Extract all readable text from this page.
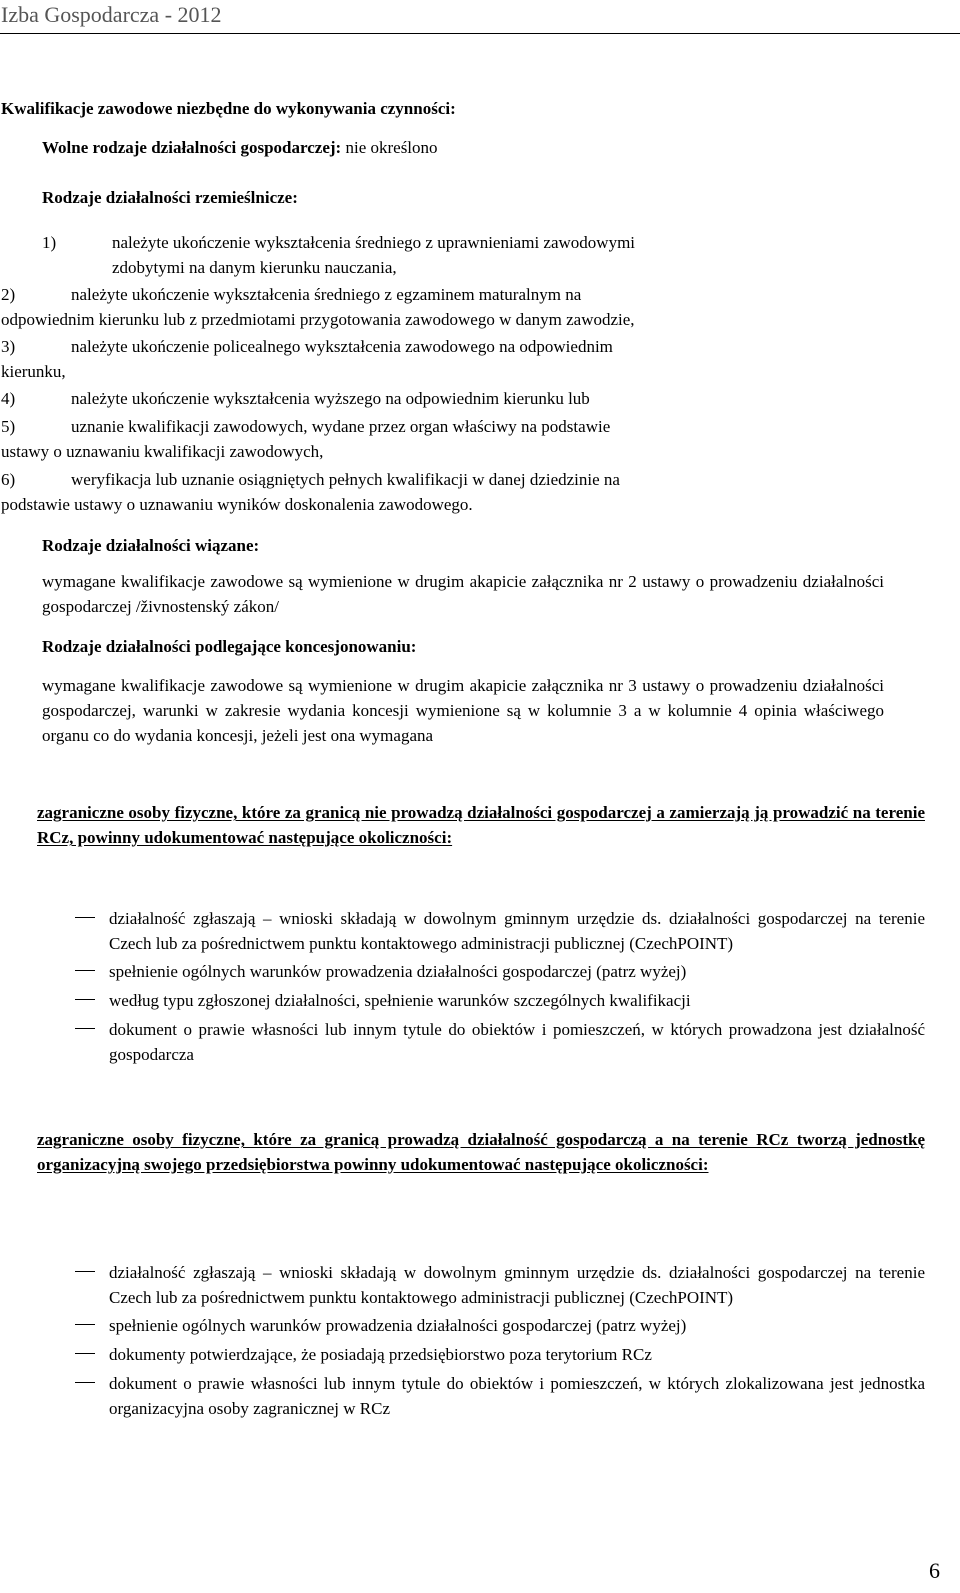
Izba Gospodarcza - 2012
Kwalifikacje zawodowe niezbędne do wykonywania czynności:
Wolne rodzaje działalności gospodarczej: nie określono
Rodzaje działalności rzemieślnicze:
1)	należyte ukończenie wykształcenia średniego z uprawnieniami zawodowymi
zdobytymi na danym kierunku nauczania,
2)	należyte ukończenie wykształcenia średniego z egzaminem maturalnym na
odpowiednim kierunku lub z przedmiotami przygotowania zawodowego w danym zawodzie,
3)	należyte ukończenie policealnego wykształcenia zawodowego na odpowiednim
kierunku,
4)	należyte ukończenie wykształcenia wyższego na odpowiednim kierunku lub
5)	uznanie kwalifikacji zawodowych, wydane przez organ właściwy na podstawie
ustawy o uznawaniu kwalifikacji zawodowych,
6)	weryfikacja lub uznanie osiągniętych pełnych kwalifikacji w danej dziedzinie na
podstawie ustawy o uznawaniu wyników doskonalenia zawodowego.
Rodzaje działalności wiązane:
wymagane kwalifikacje zawodowe są wymienione w drugim akapicie załącznika nr 2 ustawy o prowadzeniu działalności gospodarczej /živnostenský zákon/
Rodzaje działalności podlegające koncesjonowaniu:
wymagane kwalifikacje zawodowe są wymienione w drugim akapicie załącznika nr 3 ustawy o prowadzeniu działalności gospodarczej, warunki w zakresie wydania koncesji wymienione są w kolumnie 3 a w kolumnie 4 opinia właściwego organu co do wydania koncesji, jeżeli jest ona wymagana
zagraniczne osoby fizyczne, które za granicą nie prowadzą działalności gospodarczej a zamierzają ją prowadzić na terenie RCz, powinny udokumentować następujące okoliczności:
działalność zgłaszają – wnioski składają w dowolnym gminnym urzędzie ds. działalności gospodarczej na terenie Czech lub za pośrednictwem punktu kontaktowego administracji publicznej (CzechPOINT)
spełnienie ogólnych warunków prowadzenia działalności gospodarczej (patrz wyżej)
według typu zgłoszonej działalności, spełnienie warunków szczególnych kwalifikacji
dokument o prawie własności lub innym tytule do obiektów i pomieszczeń, w których prowadzona jest działalność gospodarcza
zagraniczne osoby fizyczne, które za granicą prowadzą działalność gospodarczą a na terenie RCz tworzą jednostkę organizacyjną swojego przedsiębiorstwa powinny udokumentować następujące okoliczności:
działalność zgłaszają – wnioski składają w dowolnym gminnym urzędzie ds. działalności gospodarczej na terenie Czech lub za pośrednictwem punktu kontaktowego administracji publicznej (CzechPOINT)
spełnienie ogólnych warunków prowadzenia działalności gospodarczej (patrz wyżej)
dokumenty potwierdzające, że posiadają przedsiębiorstwo poza terytorium RCz
dokument o prawie własności lub innym tytule do obiektów i pomieszczeń, w których zlokalizowana jest jednostka organizacyjna osoby zagranicznej w RCz
6
